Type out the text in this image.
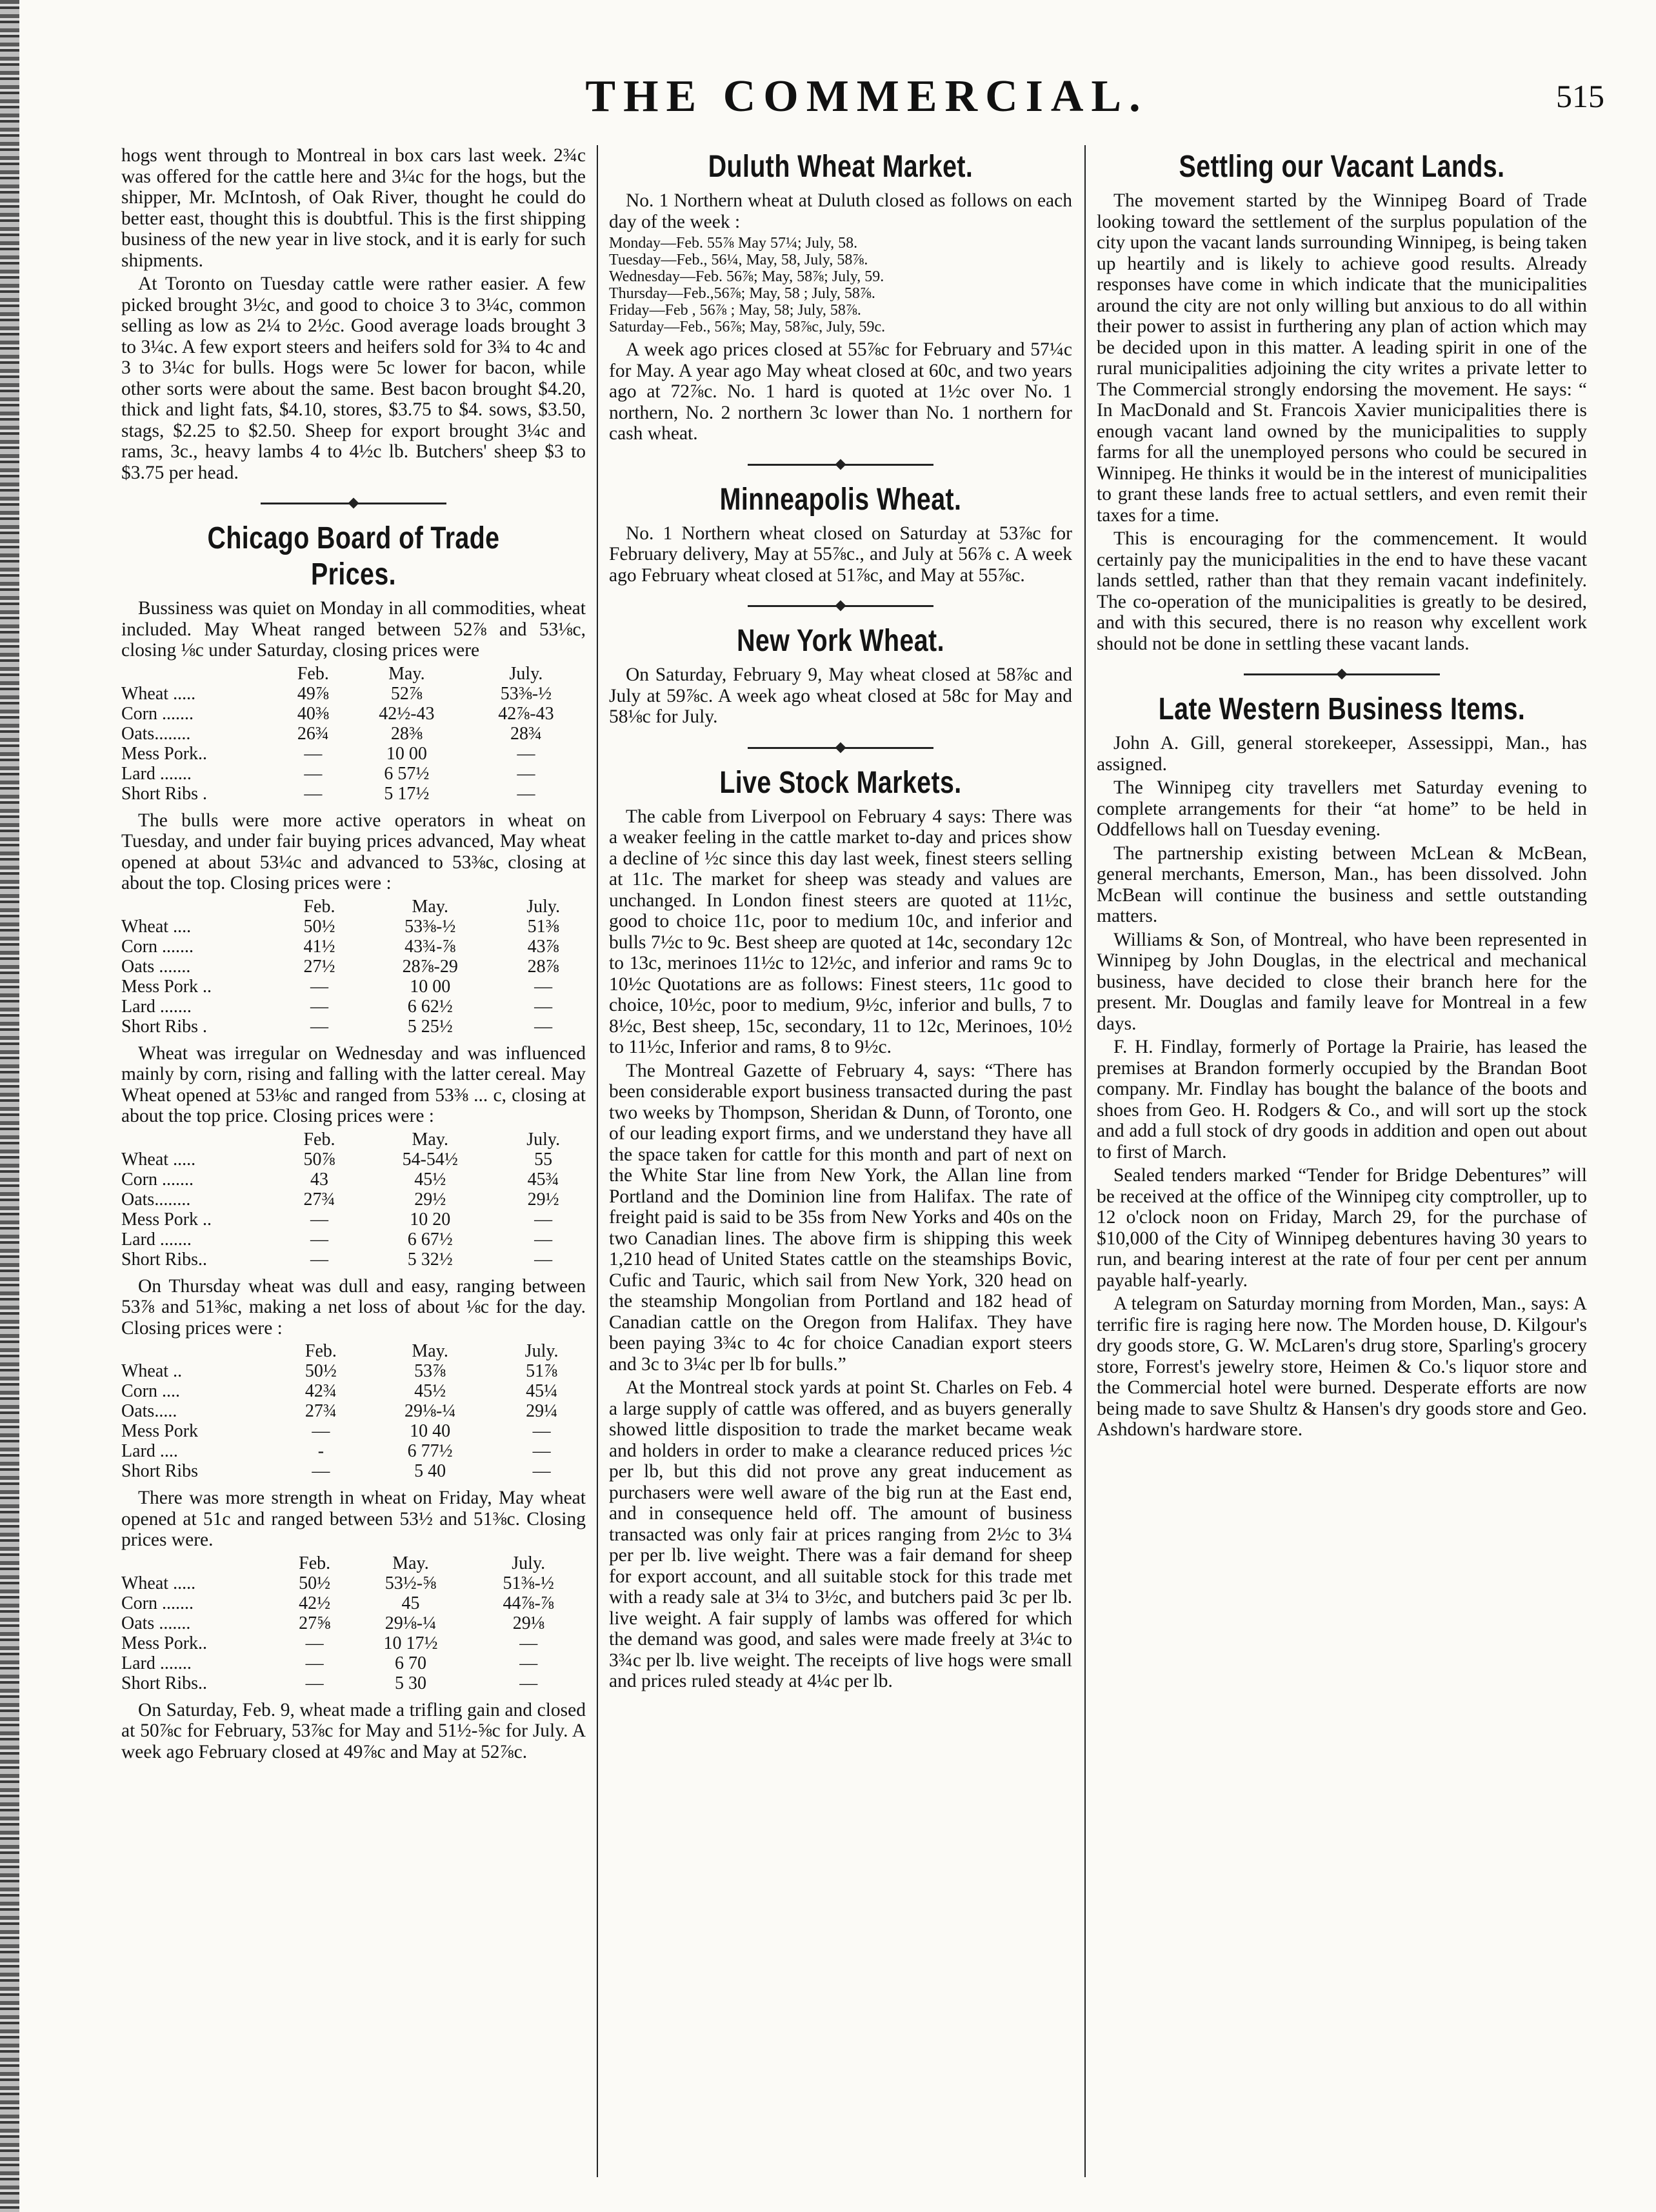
THE COMMERCIAL.	515

hogs went through to Montreal in box cars last week. 2¾c was offered for the cattle here and 3¼c for the hogs, but the shipper, Mr. McIntosh, of Oak River, thought he could do better east, thought this is doubtful. This is the first shipping business of the new year in live stock, and it is early for such shipments.

At Toronto on Tuesday cattle were rather easier. A few picked brought 3½c, and good to choice 3 to 3¼c, common selling as low as 2¼ to 2½c. Good average loads brought 3 to 3¼c. A few export steers and heifers sold for 3¾ to 4c and 3 to 3¼c for bulls. Hogs were 5c lower for bacon, while other sorts were about the same. Best bacon brought $4.20, thick and light fats, $4.10, stores, $3.75 to $4. sows, $3.50, stags, $2.25 to $2.50. Sheep for export brought 3¼c and rams, 3c., heavy lambs 4 to 4½c lb. Butchers' sheep $3 to $3.75 per head.

Chicago Board of Trade Prices.

Bussiness was quiet on Monday in all commodities, wheat included. May Wheat ranged between 52⅞ and 53⅛c, closing ⅛c under Saturday, closing prices were

	Feb.	May.	July.
Wheat .....	49⅞	52⅞	53⅜-½
Corn .......	40⅜	42½-43	42⅞-43
Oats........	26¾	28⅜	28¾
Mess Pork..	—	10 00	—
Lard .......	—	6 57½	—
Short Ribs .	—	5 17½	—

The bulls were more active operators in wheat on Tuesday, and under fair buying prices advanced, May wheat opened at about 53¼c and advanced to 53⅜c, closing at about the top. Closing prices were :

	Feb.	May.	July.
Wheat ....	50½	53⅜-½	51⅜
Corn .......	41½	43¾-⅞	43⅞
Oats .......	27½	28⅞-29	28⅞
Mess Pork ..	—	10 00	—
Lard .......	—	6 62½	—
Short Ribs .	—	5 25½	—

Wheat was irregular on Wednesday and was influenced mainly by corn, rising and falling with the latter cereal. May Wheat opened at 53⅛c and ranged from 53⅜ ... c, closing at about the top price. Closing prices were :

	Feb.	May.	July.
Wheat .....	50⅞	54-54½	55
Corn .......	43	45½	45¾
Oats........	27¾	29½	29½
Mess Pork ..	—	10 20	—
Lard .......	—	6 67½	—
Short Ribs..	—	5 32½	—

On Thursday wheat was dull and easy, ranging between 53⅞ and 51⅜c, making a net loss of about ⅛c for the day. Closing prices were :

	Feb.	May.	July.
Wheat ..	50½	53⅞	51⅞
Corn ....	42¾	45½	45¼
Oats.....	27¾	29⅛-¼	29¼
Mess Pork	—	10 40	—
Lard ....	-	6 77½	—
Short Ribs	—	5 40	—

There was more strength in wheat on Friday, May wheat opened at 51c and ranged between 53½ and 51⅜c. Closing prices were.

	Feb.	May.	July.
Wheat .....	50½	53½-⅝	51⅜-½
Corn .......	42½	45	44⅞-⅞
Oats .......	27⅝	29⅛-¼	29⅛
Mess Pork..	—	10 17½	—
Lard .......	—	6 70	—
Short Ribs..	—	5 30	—

On Saturday, Feb. 9, wheat made a trifling gain and closed at 50⅞c for February, 53⅞c for May and 51½-⅝c for July. A week ago February closed at 49⅞c and May at 52⅞c.

Duluth Wheat Market.

No. 1 Northern wheat at Duluth closed as follows on each day of the week :

Monday—Feb. 55⅞ May 57¼; July, 58.
Tuesday—Feb., 56¼, May, 58, July, 58⅞.
Wednesday—Feb. 56⅞; May, 58⅞; July, 59.
Thursday—Feb.,56⅞; May, 58 ; July, 58⅞.
Friday—Feb , 56⅞ ; May, 58; July, 58⅞.
Saturday—Feb., 56⅞; May, 58⅞c, July, 59c.

A week ago prices closed at 55⅞c for February and 57¼c for May. A year ago May wheat closed at 60c, and two years ago at 72⅞c. No. 1 hard is quoted at 1½c over No. 1 northern, No. 2 northern 3c lower than No. 1 northern for cash wheat.

Minneapolis Wheat.

No. 1 Northern wheat closed on Saturday at 53⅞c for February delivery, May at 55⅞c., and July at 56⅞ c. A week ago February wheat closed at 51⅞c, and May at 55⅞c.

New York Wheat.

On Saturday, February 9, May wheat closed at 58⅞c and July at 59⅞c. A week ago wheat closed at 58c for May and 58⅛c for July.

Live Stock Markets.

The cable from Liverpool on February 4 says: There was a weaker feeling in the cattle market to-day and prices show a decline of ½c since this day last week, finest steers selling at 11c. The market for sheep was steady and values are unchanged. In London finest steers are quoted at 11½c, good to choice 11c, poor to medium 10c, and inferior and bulls 7½c to 9c. Best sheep are quoted at 14c, secondary 12c to 13c, merinoes 11½c to 12½c, and inferior and rams 9c to 10½c Quotations are as follows: Finest steers, 11c good to choice, 10½c, poor to medium, 9½c, inferior and bulls, 7 to 8½c, Best sheep, 15c, secondary, 11 to 12c, Merinoes, 10½ to 11½c, Inferior and rams, 8 to 9½c.

The Montreal Gazette of February 4, says: “There has been considerable export business transacted during the past two weeks by Thompson, Sheridan & Dunn, of Toronto, one of our leading export firms, and we understand they have all the space taken for cattle for this month and part of next on the White Star line from New York, the Allan line from Portland and the Dominion line from Halifax. The rate of freight paid is said to be 35s from New Yorks and 40s on the two Canadian lines. The above firm is shipping this week 1,210 head of United States cattle on the steamships Bovic, Cufic and Tauric, which sail from New York, 320 head on the steamship Mongolian from Portland and 182 head of Canadian cattle on the Oregon from Halifax. They have been paying 3¾c to 4c for choice Canadian export steers and 3c to 3¼c per lb for bulls.”

At the Montreal stock yards at point St. Charles on Feb. 4 a large supply of cattle was offered, and as buyers generally showed little disposition to trade the market became weak and holders in order to make a clearance reduced prices ½c per lb, but this did not prove any great inducement as purchasers were well aware of the big run at the East end, and in consequence held off. The amount of business transacted was only fair at prices ranging from 2½c to 3¼ per per lb. live weight. There was a fair demand for sheep for export account, and all suitable stock for this trade met with a ready sale at 3¼ to 3½c, and butchers paid 3c per lb. live weight. A fair supply of lambs was offered for which the demand was good, and sales were made freely at 3¼c to 3¾c per lb. live weight. The receipts of live hogs were small and prices ruled steady at 4¼c per lb.

Settling our Vacant Lands.

The movement started by the Winnipeg Board of Trade looking toward the settlement of the surplus population of the city upon the vacant lands surrounding Winnipeg, is being taken up heartily and is likely to achieve good results. Already responses have come in which indicate that the municipalities around the city are not only willing but anxious to do all within their power to assist in furthering any plan of action which may be decided upon in this matter. A leading spirit in one of the rural municipalities adjoining the city writes a private letter to The Commercial strongly endorsing the movement. He says: “ In MacDonald and St. Francois Xavier municipalities there is enough vacant land owned by the municipalities to supply farms for all the unemployed persons who could be secured in Winnipeg. He thinks it would be in the interest of municipalities to grant these lands free to actual settlers, and even remit their taxes for a time.

This is encouraging for the commencement. It would certainly pay the municipalities in the end to have these vacant lands settled, rather than that they remain vacant indefinitely. The co-operation of the municipalities is greatly to be desired, and with this secured, there is no reason why excellent work should not be done in settling these vacant lands.

Late Western Business Items.

John A. Gill, general storekeeper, Assessippi, Man., has assigned.

The Winnipeg city travellers met Saturday evening to complete arrangements for their “at home” to be held in Oddfellows hall on Tuesday evening.

The partnership existing between McLean & McBean, general merchants, Emerson, Man., has been dissolved. John McBean will continue the business and settle outstanding matters.

Williams & Son, of Montreal, who have been represented in Winnipeg by John Douglas, in the electrical and mechanical business, have decided to close their branch here for the present. Mr. Douglas and family leave for Montreal in a few days.

F. H. Findlay, formerly of Portage la Prairie, has leased the premises at Brandon formerly occupied by the Brandan Boot company. Mr. Findlay has bought the balance of the boots and shoes from Geo. H. Rodgers & Co., and will sort up the stock and add a full stock of dry goods in addition and open out about to first of March.

Sealed tenders marked “Tender for Bridge Debentures” will be received at the office of the Winnipeg city comptroller, up to 12 o'clock noon on Friday, March 29, for the purchase of $10,000 of the City of Winnipeg debentures having 30 years to run, and bearing interest at the rate of four per cent per annum payable half-yearly.

A telegram on Saturday morning from Morden, Man., says: A terrific fire is raging here now. The Morden house, D. Kilgour's dry goods store, G. W. McLaren's drug store, Sparling's grocery store, Forrest's jewelry store, Heimen & Co.'s liquor store and the Commercial hotel were burned. Desperate efforts are now being made to save Shultz & Hansen's dry goods store and Geo. Ashdown's hardware store.
